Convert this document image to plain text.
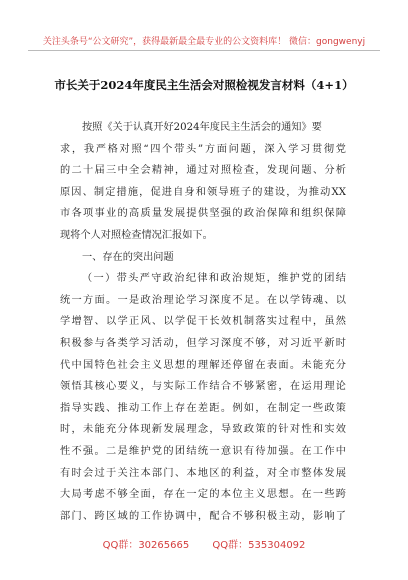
关注头条号“公文研究”，获得最新最全最专业的公文资料库！ 微信：gongwenyj
市长关于2024年度民主生活会对照检视发言材料（4+1）
按照《关于认真开好2024年度民主生活会的通知》要
求，我严格对照“四个带头”方面问题，深入学习贯彻党
的二十届三中全会精神，通过对照检查，发现问题、分析
原因、制定措施，促进自身和领导班子的建设，为推动XX
市各项事业的高质量发展提供坚强的政治保障和组织保障
现将个人对照检查情况汇报如下。
一、存在的突出问题
（一）带头严守政治纪律和政治规矩，维护党的团结
统一方面。一是政治理论学习深度不足。在以学铸魂、以
学增智、以学正风、以学促干长效机制落实过程中，虽然
积极参与各类学习活动，但学习深度不够，对习近平新时
代中国特色社会主义思想的理解还停留在表面。未能充分
领悟其核心要义，与实际工作结合不够紧密，在运用理论
指导实践、推动工作上存在差距。例如，在制定一些政策
时，未能充分体现新发展理念，导致政策的针对性和实效
性不强。二是维护党的团结统一意识有待加强。在工作中
有时会过于关注本部门、本地区的利益，对全市整体发展
大局考虑不够全面，存在一定的本位主义思想。在一些跨
部门、跨区域的工作协调中，配合不够积极主动，影响了
QQ群：30265665 QQ群：535304092
